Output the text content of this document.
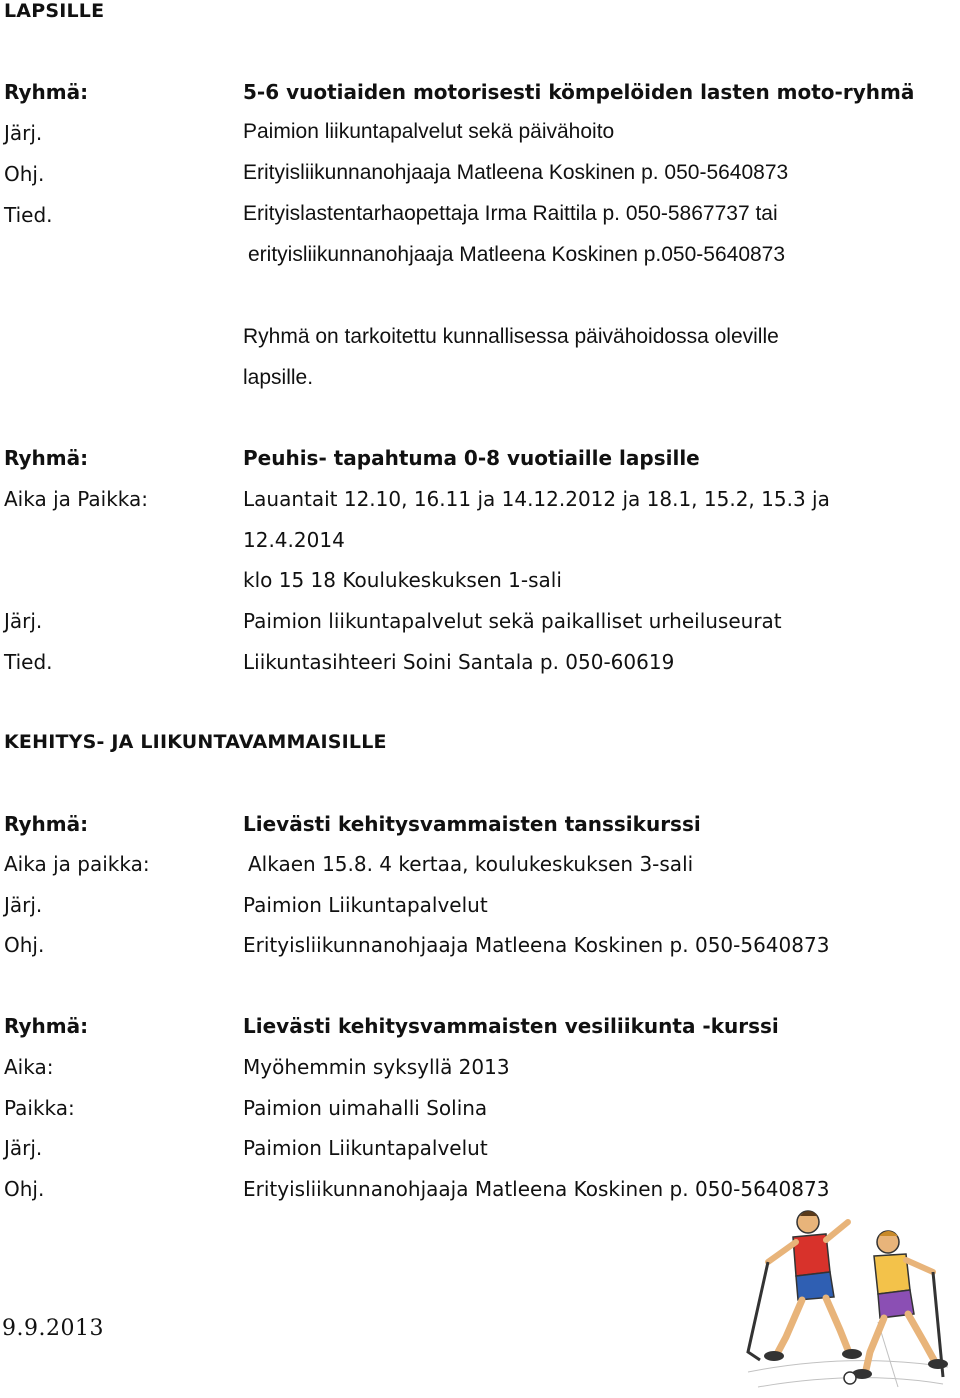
LAPSILLE
Ryhmä:	5-6 vuotiaiden motorisesti kömpelöiden lasten moto-ryhmä
Järj.	Paimion liikuntapalvelut sekä päivähoito
Ohj.	Erityisliikunnanohjaaja Matleena Koskinen p. 050-5640873
Tied.	Erityislastentarhaopettaja Irma Raittila p. 050-5867737 tai
erityisliikunnanohjaaja Matleena Koskinen p.050-5640873
Ryhmä on tarkoitettu kunnallisessa päivähoidossa oleville
lapsille.
Ryhmä:	Peuhis- tapahtuma 0-8 vuotiaille lapsille
Aika ja Paikka:	Lauantait 12.10, 16.11 ja 14.12.2012 ja 18.1, 15.2, 15.3 ja
12.4.2014
klo 15 18 Koulukeskuksen 1-sali
Järj.	Paimion liikuntapalvelut sekä paikalliset urheiluseurat
Tied.	Liikuntasihteeri Soini Santala p. 050-60619
KEHITYS- JA LIIKUNTAVAMMAISILLE
Ryhmä:	Lievästi kehitysvammaisten tanssikurssi
Aika ja paikka:	Alkaen 15.8. 4 kertaa, koulukeskuksen 3-sali
Järj.	Paimion Liikuntapalvelut
Ohj.	Erityisliikunnanohjaaja Matleena Koskinen p. 050-5640873
Ryhmä:	Lievästi kehitysvammaisten vesiliikunta -kurssi
Aika:	Myöhemmin syksyllä 2013
Paikka:	Paimion uimahalli Solina
Järj.	Paimion Liikuntapalvelut
Ohj.	Erityisliikunnanohjaaja Matleena Koskinen p. 050-5640873
9.9.2013
